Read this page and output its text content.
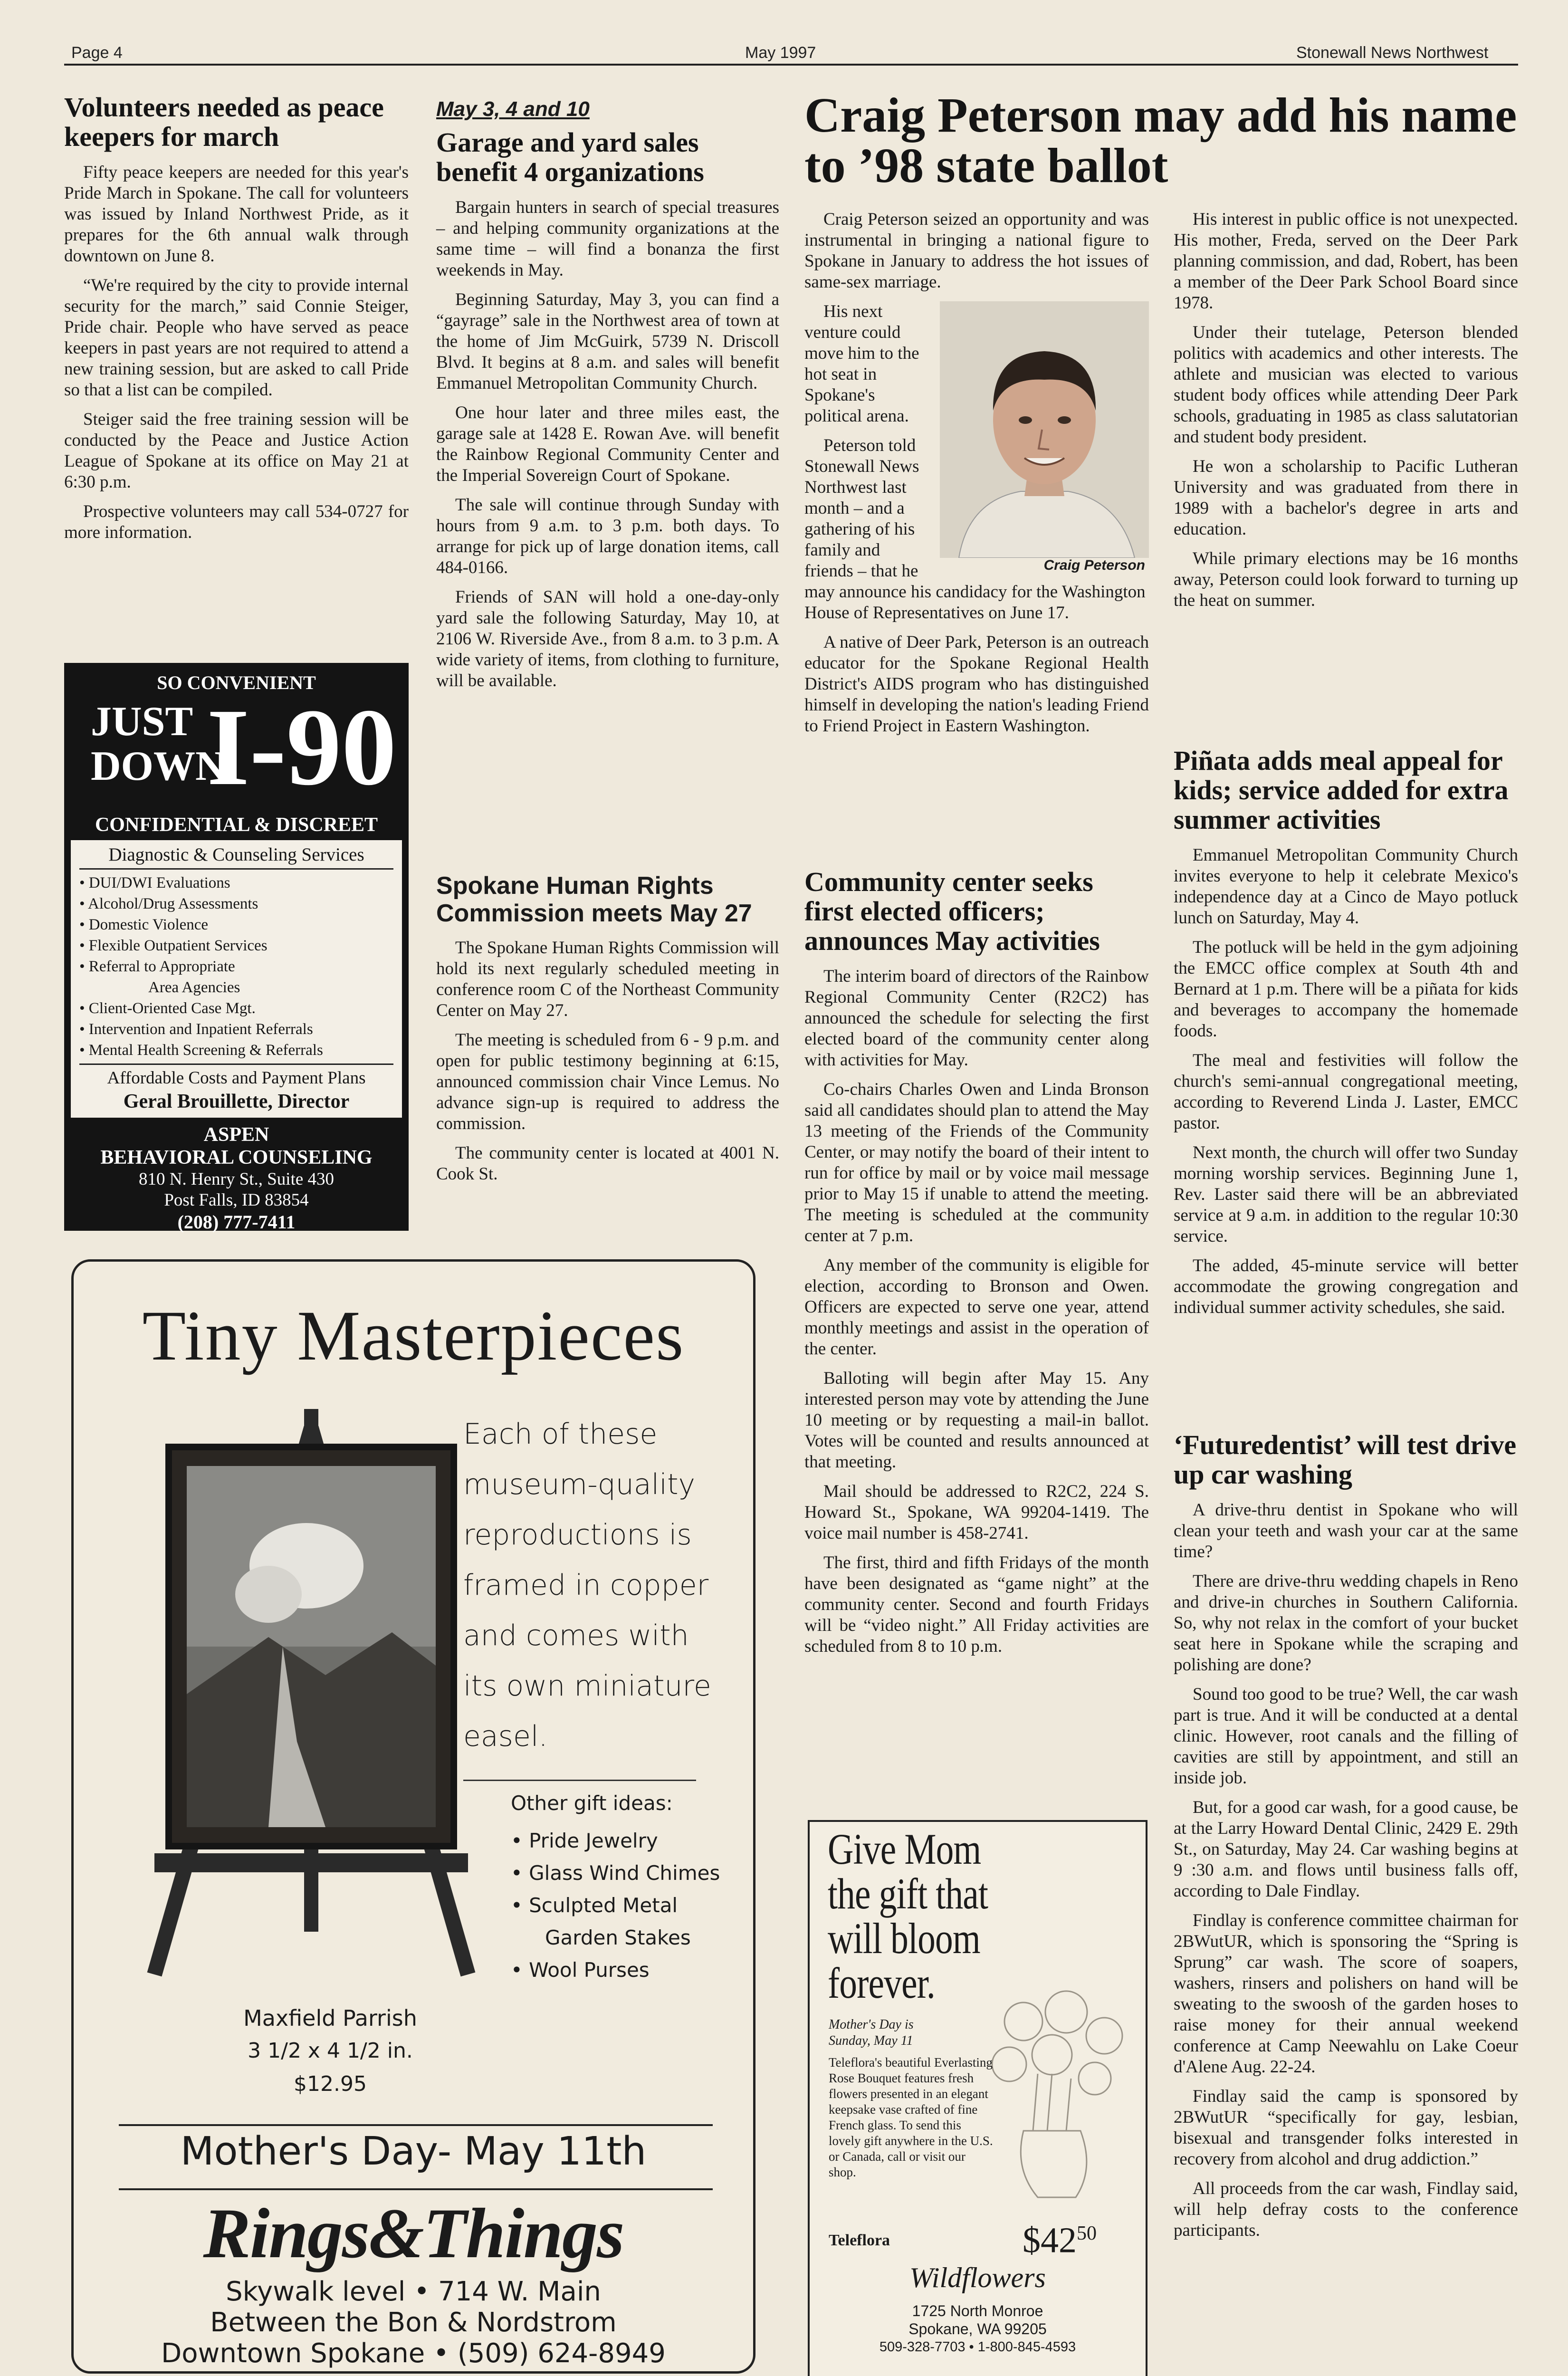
Page 4	May 1997	Stonewall News Northwest
Volunteers needed as peace keepers for march

Fifty peace keepers are needed for this year's Pride March in Spokane. The call for volunteers was issued by Inland Northwest Pride, as it prepares for the 6th annual walk through downtown on June 8.

“We're required by the city to provide internal security for the march,” said Connie Steiger, Pride chair. People who have served as peace keepers in past years are not required to attend a new training session, but are asked to call Pride so that a list can be compiled.

Steiger said the free training session will be conducted by the Peace and Justice Action League of Spokane at its office on May 21 at 6:30 p.m.

Prospective volunteers may call 534-0727 for more information.

SO CONVENIENT
JUST
DOWN
I-90
CONFIDENTIAL & DISCREET
Diagnostic & Counseling Services
• DUI/DWI Evaluations
• Alcohol/Drug Assessments
• Domestic Violence
• Flexible Outpatient Services
• Referral to Appropriate
Area Agencies
• Client-Oriented Case Mgt.
• Intervention and Inpatient Referrals
• Mental Health Screening & Referrals
Affordable Costs and Payment Plans
Geral Brouillette, Director
ASPEN
BEHAVIORAL COUNSELING
810 N. Henry St., Suite 430
Post Falls, ID 83854
(208) 777-7411
May 3, 4 and 10
Garage and yard sales benefit 4 organizations

Bargain hunters in search of special treasures – and helping community organizations at the same time – will find a bonanza the first weekends in May.

Beginning Saturday, May 3, you can find a “gayrage” sale in the Northwest area of town at the home of Jim McGuirk, 5739 N. Driscoll Blvd. It begins at 8 a.m. and sales will benefit Emmanuel Metropolitan Community Church.

One hour later and three miles east, the garage sale at 1428 E. Rowan Ave. will benefit the Rainbow Regional Community Center and the Imperial Sovereign Court of Spokane.

The sale will continue through Sunday with hours from 9 a.m. to 3 p.m. both days. To arrange for pick up of large donation items, call 484-0166.

Friends of SAN will hold a one-day-only yard sale the following Saturday, May 10, at 2106 W. Riverside Ave., from 8 a.m. to 3 p.m. A wide variety of items, from clothing to furniture, will be available.

Spokane Human Rights Commission meets May 27

The Spokane Human Rights Commission will hold its next regularly scheduled meeting in conference room C of the Northeast Community Center on May 27.

The meeting is scheduled from 6 - 9 p.m. and open for public testimony beginning at 6:15, announced commission chair Vince Lemus. No advance sign-up is required to address the commission.

The community center is located at 4001 N. Cook St.

Craig Peterson may add his name to ’98 state ballot

Craig Peterson seized an opportunity and was instrumental in bringing a national figure to Spokane in January to address the hot issues of same-sex marriage.

Craig Peterson

His next venture could move him to the hot seat in Spokane's political arena.

Peterson told Stonewall News Northwest last month – and a gathering of his family and friends – that he may announce his candidacy for the Washington House of Representatives on June 17.

A native of Deer Park, Peterson is an outreach educator for the Spokane Regional Health District's AIDS program who has distinguished himself in developing the nation's leading Friend to Friend Project in Eastern Washington.

His interest in public office is not unexpected. His mother, Freda, served on the Deer Park planning commission, and dad, Robert, has been a member of the Deer Park School Board since 1978.

Under their tutelage, Peterson blended politics with academics and other interests. The athlete and musician was elected to various student body offices while attending Deer Park schools, graduating in 1985 as class salutatorian and student body president.

He won a scholarship to Pacific Lutheran University and was graduated from there in 1989 with a bachelor's degree in arts and education.

While primary elections may be 16 months away, Peterson could look forward to turning up the heat on summer.

Community center seeks first elected officers; announces May activities

The interim board of directors of the Rainbow Regional Community Center (R2C2) has announced the schedule for selecting the first elected board of the community center along with activities for May.

Co-chairs Charles Owen and Linda Bronson said all candidates should plan to attend the May 13 meeting of the Friends of the Community Center, or may notify the board of their intent to run for office by mail or by voice mail message prior to May 15 if unable to attend the meeting. The meeting is scheduled at the community center at 7 p.m.

Any member of the community is eligible for election, according to Bronson and Owen. Officers are expected to serve one year, attend monthly meetings and assist in the operation of the center.

Balloting will begin after May 15. Any interested person may vote by attending the June 10 meeting or by requesting a mail-in ballot. Votes will be counted and results announced at that meeting.

Mail should be addressed to R2C2, 224 S. Howard St., Spokane, WA 99204-1419. The voice mail number is 458-2741.

The first, third and fifth Fridays of the month have been designated as “game night” at the community center. Second and fourth Fridays will be “video night.” All Friday activities are scheduled from 8 to 10 p.m.

Piñata adds meal appeal for kids; service added for extra summer activities

Emmanuel Metropolitan Community Church invites everyone to help it celebrate Mexico's independence day at a Cinco de Mayo potluck lunch on Saturday, May 4.

The potluck will be held in the gym adjoining the EMCC office complex at South 4th and Bernard at 1 p.m. There will be a piñata for kids and beverages to accompany the homemade foods.

The meal and festivities will follow the church's semi-annual congregational meeting, according to Reverend Linda J. Laster, EMCC pastor.

Next month, the church will offer two Sunday morning worship services. Beginning June 1, Rev. Laster said there will be an abbreviated service at 9 a.m. in addition to the regular 10:30 service.

The added, 45-minute service will better accommodate the growing congregation and individual summer activity schedules, she said.

‘Futuredentist’ will test drive up car washing

A drive-thru dentist in Spokane who will clean your teeth and wash your car at the same time?

There are drive-thru wedding chapels in Reno and drive-in churches in Southern California. So, why not relax in the comfort of your bucket seat here in Spokane while the scraping and polishing are done?

Sound too good to be true? Well, the car wash part is true. And it will be conducted at a dental clinic. However, root canals and the filling of cavities are still by appointment, and still an inside job.

But, for a good car wash, for a good cause, be at the Larry Howard Dental Clinic, 2429 E. 29th St., on Saturday, May 24. Car washing begins at 9 :30 a.m. and flows until business falls off, according to Dale Findlay.

Findlay is conference committee chairman for 2BWutUR, which is sponsoring the “Spring is Sprung” car wash. The score of soapers, washers, rinsers and polishers on hand will be sweating to the swoosh of the garden hoses to raise money for their annual weekend conference at Camp Neewahlu on Lake Coeur d'Alene Aug. 22-24.

Findlay said the camp is sponsored by 2BWutUR “specifically for gay, lesbian, bisexual and transgender folks interested in recovery from alcohol and drug addiction.”

All proceeds from the car wash, Findlay said, will help defray costs to the conference participants.

Tiny Masterpieces
Maxfield Parrish
3 1/2 x 4 1/2 in.
$12.95
Each of these
museum-quality
reproductions is
framed in copper
and comes with
its own miniature
easel.
Other gift ideas:
• Pride Jewelry
• Glass Wind Chimes
• Sculpted Metal
Garden Stakes
• Wool Purses
Mother's Day- May 11th
Rings&Things
Skywalk level • 714 W. Main
Between the Bon & Nordstrom
Downtown Spokane • (509) 624-8949
Give Mom
the gift that
will bloom
forever.
Mother's Day is
Sunday, May 11
Teleflora's beautiful Everlasting Rose Bouquet features fresh flowers presented in an elegant keepsake vase crafted of fine French glass. To send this lovely gift anywhere in the U.S. or Canada, call or visit our shop.
Teleflora	$\$42^{50}$
Wildflowers
1725 North Monroe
Spokane, WA 99205
509-328-7703 • 1-800-845-4593
